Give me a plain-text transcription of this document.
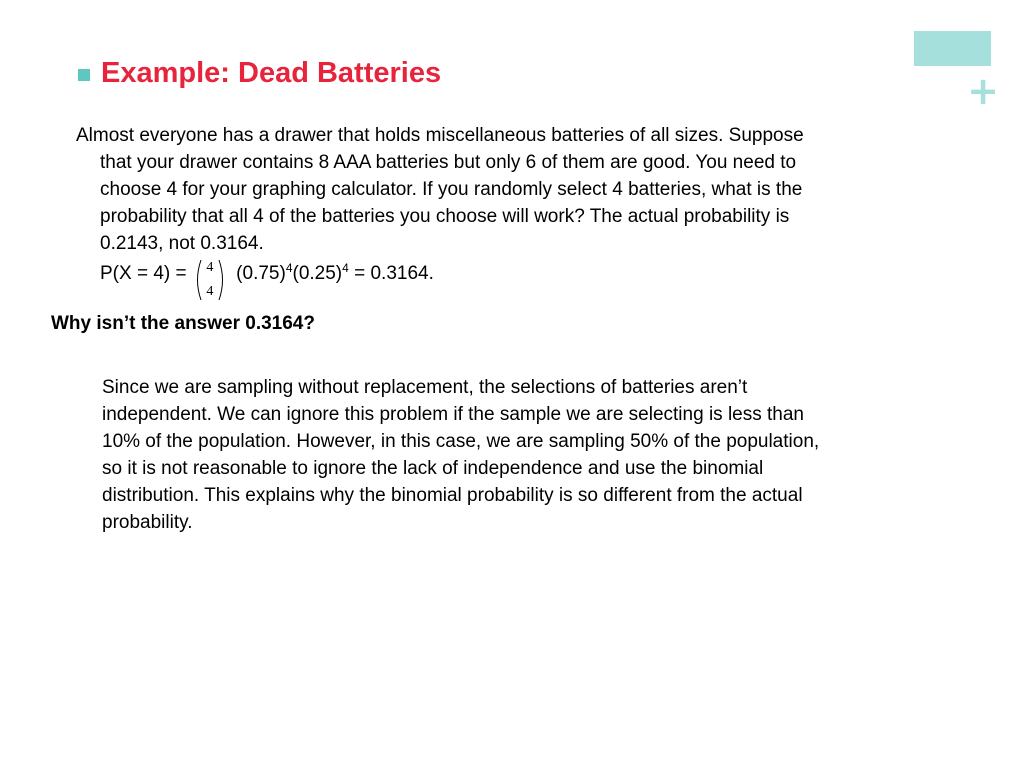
+
Example: Dead Batteries
Almost everyone has a drawer that holds miscellaneous batteries of all sizes. Suppose
that your drawer contains 8 AAA batteries but only 6 of them are good. You need to
choose 4 for your graphing calculator. If you randomly select 4 batteries, what is the
probability that all 4 of the batteries you choose will work? The actual probability is
0.2143, not 0.3164.
P(X = 4) =	4
4
$(0.75)^4(0.25)^4 = 0.3164$.
Why isn’t the answer 0.3164?
Since we are sampling without replacement, the selections of batteries aren’t
independent. We can ignore this problem if the sample we are selecting is less than
10% of the population. However, in this case, we are sampling 50% of the population,
so it is not reasonable to ignore the lack of independence and use the binomial
distribution. This explains why the binomial probability is so different from the actual
probability.
